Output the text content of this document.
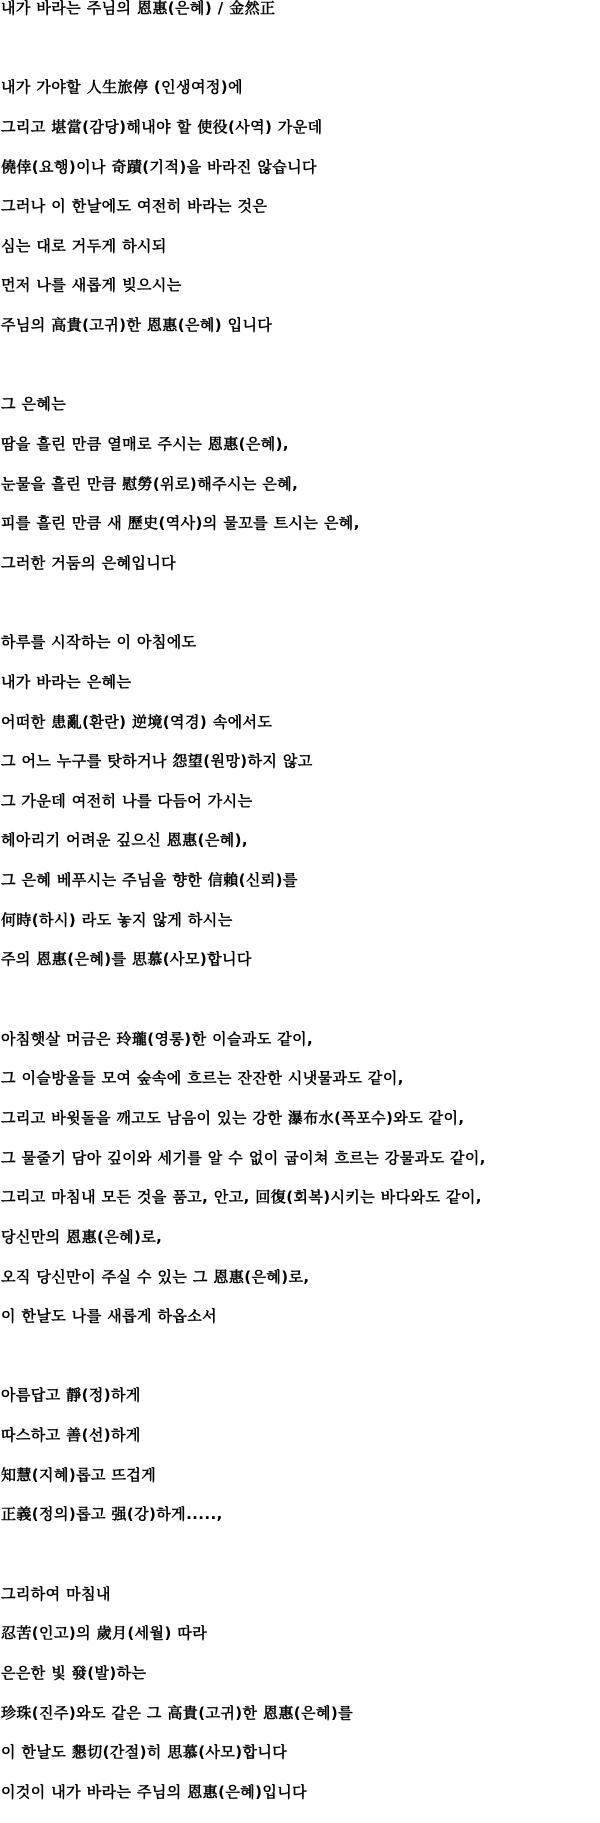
내가 바라는 주님의 恩惠(은혜) / 金然正
내가 가야할 人生旅停 (인생여정)에
그리고 堪當(감당)해내야 할 使役(사역) 가운데
僥倖(요행)이나 奇蹟(기적)을 바라진 않습니다
그러나 이 한날에도 여전히 바라는 것은
심는 대로 거두게 하시되
먼저 나를 새롭게 빚으시는
주님의 高貴(고귀)한 恩惠(은혜) 입니다
그 은혜는
땀을 흘린 만큼 열매로 주시는 恩惠(은혜),
눈물을 흘린 만큼 慰勞(위로)해주시는 은혜,
피를 흘린 만큼 새 歷史(역사)의 물꼬를 트시는 은혜,
그러한 거둠의 은혜입니다
하루를 시작하는 이 아침에도
내가 바라는 은혜는
어떠한 患亂(환란) 逆境(역경) 속에서도
그 어느 누구를 탓하거나 怨望(원망)하지 않고
그 가운데 여전히 나를 다듬어 가시는
헤아리기 어려운 깊으신 恩惠(은혜),
그 은혜 베푸시는 주님을 향한 信賴(신뢰)를
何時(하시) 라도 놓지 않게 하시는
주의 恩惠(은혜)를 思慕(사모)합니다
아침햇살 머금은 玲瓏(영롱)한 이슬과도 같이,
그 이슬방울들 모여 숲속에 흐르는 잔잔한 시냇물과도 같이,
그리고 바윗돌을 깨고도 남음이 있는 강한 瀑布水(폭포수)와도 같이,
그 물줄기 담아 깊이와 세기를 알 수 없이 굽이쳐 흐르는 강물과도 같이,
그리고 마침내 모든 것을 품고, 안고, 回復(회복)시키는 바다와도 같이,
당신만의 恩惠(은혜)로,
오직 당신만이 주실 수 있는 그 恩惠(은혜)로,
이 한날도 나를 새롭게 하옵소서
아름답고 靜(정)하게
따스하고 善(선)하게
知慧(지혜)롭고 뜨겁게
正義(정의)롭고 强(강)하게.....,
그리하여 마침내
忍苦(인고)의 歲月(세월) 따라
은은한 빛 發(발)하는
珍珠(진주)와도 같은 그 高貴(고귀)한 恩惠(은혜)를
이 한날도 懇切(간절)히 思慕(사모)합니다
이것이 내가 바라는 주님의 恩惠(은혜)입니다
